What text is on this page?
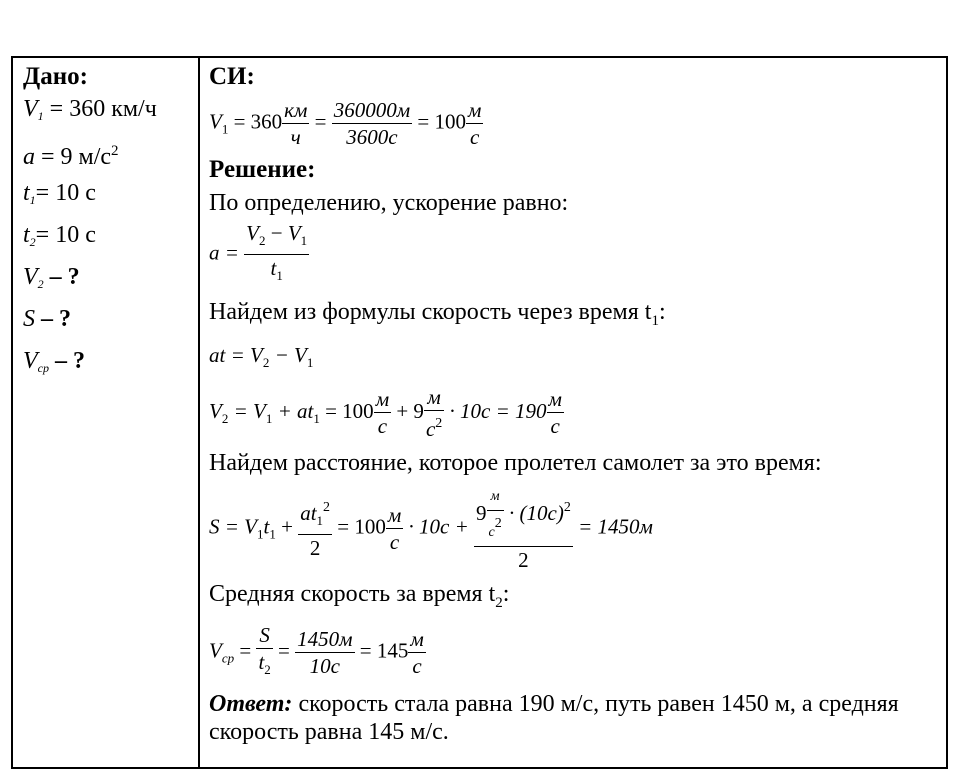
Дано:
V1 = 360 км/ч
a = 9 $м/с^2$
t1= 10 с
t2= 10 с
V2 – ?
S – ?
Vср – ?
СИ:
$V_1 = 360 \frac{км}{ч} = \frac{360000м}{3600с} = 100 \frac{м}{с}$
Решение:
По определению, ускорение равно:
$a = \frac{V_2 - V_1}{t_1}$
Найдем из формулы скорость через время $t_1$:
at = $V_2 - V_1$
$V_2 = V_1 + at_1 = 100 \frac{м}{с} + 9 \frac{м}{с^2} \cdot 10с = 190 \frac{м}{с}$
Найдем расстояние, которое пролетел самолет за это время:
$S = V_1t_1 + \frac{at_1^2}{2} = 100 \frac{м}{с} \cdot 10с + \frac{9 \frac{м}{с2} \cdot (10с)^2}{2} = 1450м$
Средняя скорость за время $t_2$:
$V_{ср} = \frac{S}{t_2} = \frac{1450м}{10с} = 145 \frac{м}{с}$
Ответ: скорость стала равна 190 м/с, путь равен 1450 м, а средняя скорость равна 145 м/с.
